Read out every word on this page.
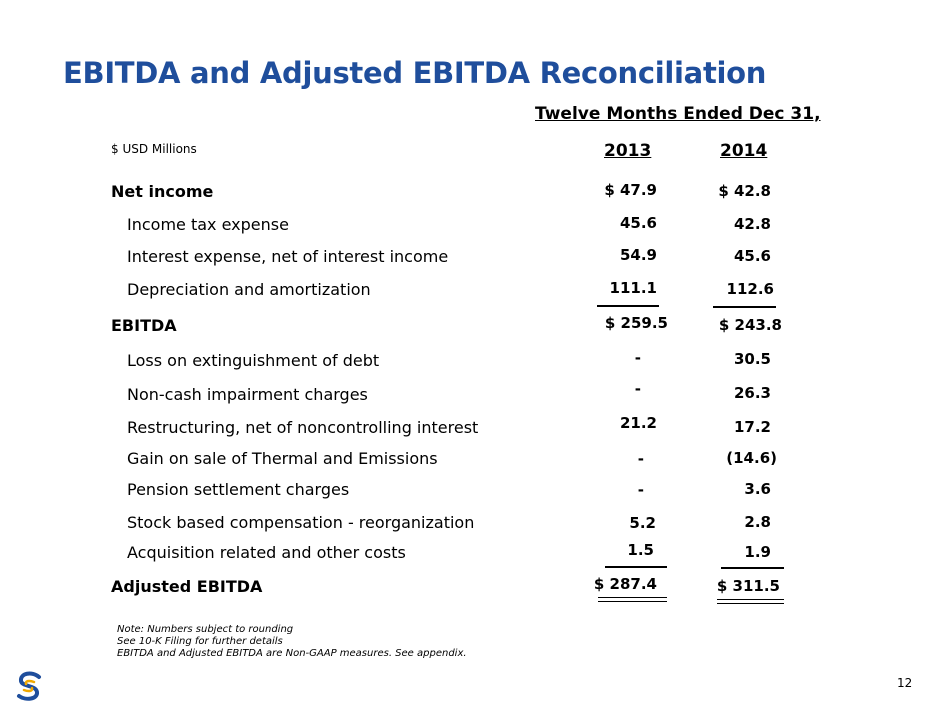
EBITDA and Adjusted EBITDA Reconciliation
Twelve Months Ended Dec 31,
$ USD Millions	2013	2014
Net income
Income tax expense
Interest expense, net of interest income
Depreciation and amortization
EBITDA
Loss on extinguishment of debt
Non-cash impairment charges
Restructuring, net of noncontrolling interest
Gain on sale of Thermal and Emissions
Pension settlement charges
Stock based compensation - reorganization
Acquisition related and other costs
Adjusted EBITDA
$ 47.9
45.6
54.9
111.1
$ 259.5
-
-
21.2
-
-
5.2
1.5
$ 287.4
$ 42.8
42.8
45.6
112.6
$ 243.8
30.5
26.3
17.2
(14.6)
3.6
2.8
1.9
$ 311.5
Note: Numbers subject to rounding
See 10-K Filing for further details
EBITDA and Adjusted EBITDA are Non-GAAP measures. See appendix.
12
